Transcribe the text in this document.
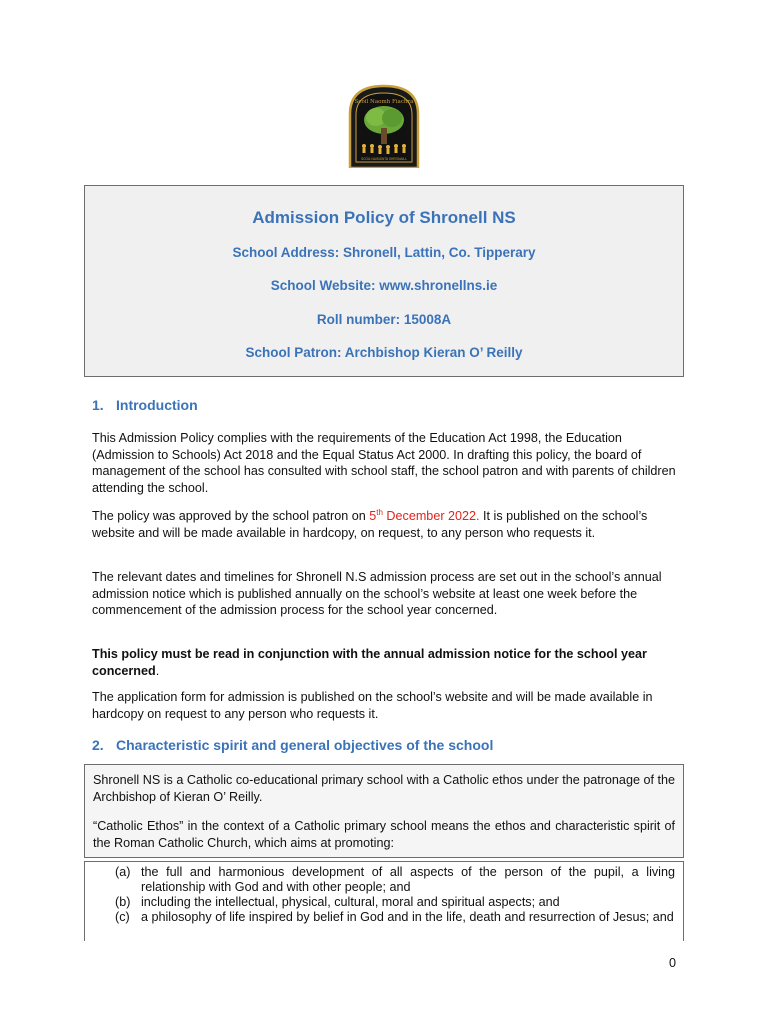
Scoil Naomh Fiachra
SCOIL NAISIÚNTA SHRONAILL
Admission Policy of Shronell NS
School Address: Shronell, Lattin, Co. Tipperary
School Website: www.shronellns.ie
Roll number: 15008A
School Patron: Archbishop Kieran O’ Reilly
1. Introduction

This Admission Policy complies with the requirements of the Education Act 1998, the Education (Admission to Schools) Act 2018 and the Equal Status Act 2000. In drafting this policy, the board of management of the school has consulted with school staff, the school patron and with parents of children attending the school.

The policy was approved by the school patron on 5th December 2022. It is published on the school’s website and will be made available in hardcopy, on request, to any person who requests it.

The relevant dates and timelines for Shronell N.S admission process are set out in the school’s annual admission notice which is published annually on the school’s website at least one week before the commencement of the admission process for the school year concerned.

This policy must be read in conjunction with the annual admission notice for the school year concerned.

The application form for admission is published on the school’s website and will be made available in hardcopy on request to any person who requests it.

2. Characteristic spirit and general objectives of the school

Shronell NS is a Catholic co-educational primary school with a Catholic ethos under the patronage of the Archbishop of Kieran O’ Reilly.

“Catholic Ethos” in the context of a Catholic primary school means the ethos and characteristic spirit of the Roman Catholic Church, which aims at promoting:

(a) the full and harmonious development of all aspects of the person of the pupil, a living relationship with God and with other people; and
(b) including the intellectual, physical, cultural, moral and spiritual aspects; and
(c) a philosophy of life inspired by belief in God and in the life, death and resurrection of Jesus; and
0
